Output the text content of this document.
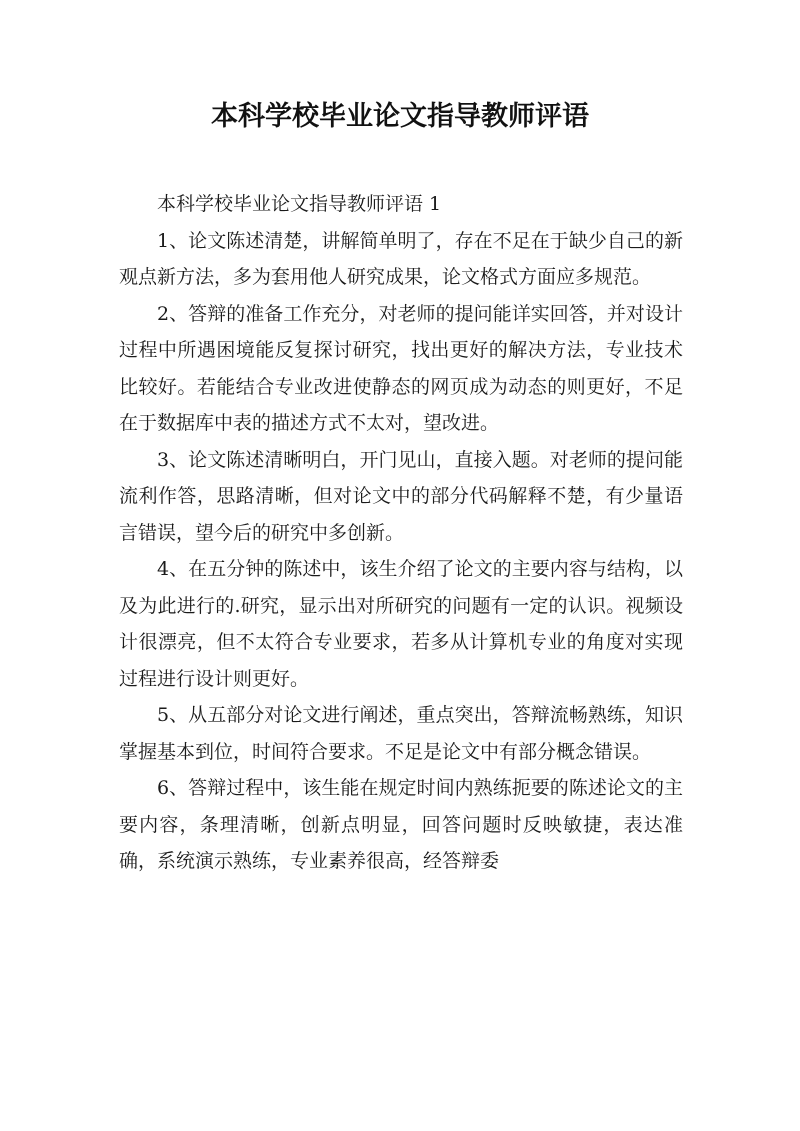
本科学校毕业论文指导教师评语

本科学校毕业论文指导教师评语 1

1、论文陈述清楚，讲解简单明了，存在不足在于缺少自己的新观点新方法，多为套用他人研究成果，论文格式方面应多规范。

2、答辩的准备工作充分，对老师的提问能详实回答，并对设计过程中所遇困境能反复探讨研究，找出更好的解决方法，专业技术比较好。若能结合专业改进使静态的网页成为动态的则更好，不足在于数据库中表的描述方式不太对，望改进。

3、论文陈述清晰明白，开门见山，直接入题。对老师的提问能流利作答，思路清晰，但对论文中的部分代码解释不楚，有少量语言错误，望今后的研究中多创新。

4、在五分钟的陈述中，该生介绍了论文的主要内容与结构，以及为此进行的.研究，显示出对所研究的问题有一定的认识。视频设计很漂亮，但不太符合专业要求，若多从计算机专业的角度对实现过程进行设计则更好。

5、从五部分对论文进行阐述，重点突出，答辩流畅熟练，知识掌握基本到位，时间符合要求。不足是论文中有部分概念错误。

6、答辩过程中，该生能在规定时间内熟练扼要的陈述论文的主要内容，条理清晰，创新点明显，回答问题时反映敏捷，表达准确，系统演示熟练，专业素养很高，经答辩委
